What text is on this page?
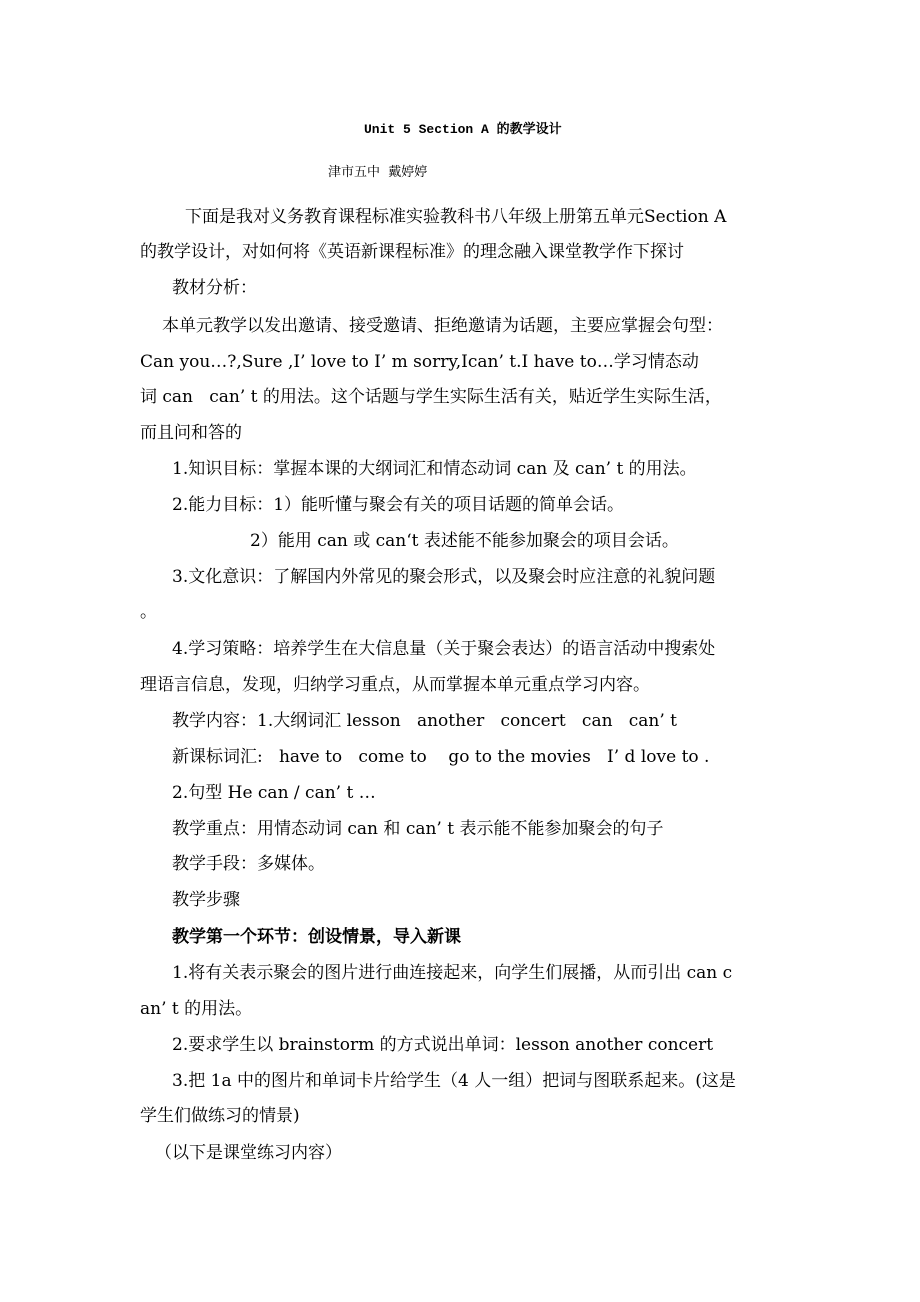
Unit 5 Section A 的教学设计
津市五中  戴婷婷
下面是我对义务教育课程标准实验教科书八年级上册第五单元Section A
的教学设计，对如何将《英语新课程标准》的理念融入课堂教学作下探讨
教材分析：
本单元教学以发出邀请、接受邀请、拒绝邀请为话题，主要应掌握会句型：
Can you…?,Sure ,I’ love to I’ m sorry,Ican’ t.I have to…学习情态动
词 can   can’ t 的用法。这个话题与学生实际生活有关，贴近学生实际生活，
而且问和答的
1.知识目标：掌握本课的大纲词汇和情态动词 can 及 can’ t 的用法。
2.能力目标：1）能听懂与聚会有关的项目话题的简单会话。
2）能用 can 或 can‘t 表述能不能参加聚会的项目会话。
3.文化意识：了解国内外常见的聚会形式，以及聚会时应注意的礼貌问题
。
4.学习策略：培养学生在大信息量（关于聚会表达）的语言活动中搜索处
理语言信息，发现，归纳学习重点，从而掌握本单元重点学习内容。
教学内容：1.大纲词汇 lesson   another   concert   can   can’ t
新课标词汇:   have to   come to    go to the movies   I’ d love to .
2.句型 He can / can’ t …
教学重点：用情态动词 can 和 can’ t 表示能不能参加聚会的句子
教学手段：多媒体。
教学步骤
教学第一个环节：创设情景，导入新课
1.将有关表示聚会的图片进行曲连接起来，向学生们展播，从而引出 can c
an’ t 的用法。
2.要求学生以 brainstorm 的方式说出单词：lesson another concert
3.把 1a 中的图片和单词卡片给学生（4 人一组）把词与图联系起来。(这是
学生们做练习的情景)
（以下是课堂练习内容）
